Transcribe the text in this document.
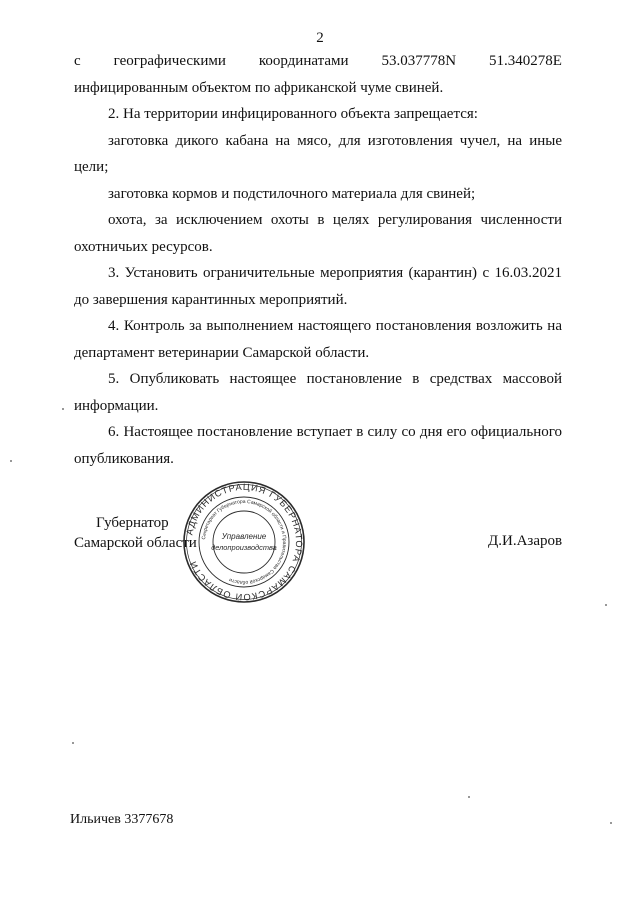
2
с географическими координатами 53.037778N 51.340278E

инфицированным объектом по африканской чуме свиней.

2. На территории инфицированного объекта запрещается:

заготовка дикого кабана на мясо, для изготовления чучел, на иные цели;

заготовка кормов и подстилочного материала для свиней;

охота, за исключением охоты в целях регулирования численности охотничьих ресурсов.

3. Установить ограничительные мероприятия (карантин) с 16.03.2021 до завершения карантинных мероприятий.

4. Контроль за выполнением настоящего постановления возложить на департамент ветеринарии Самарской области.

5. Опубликовать настоящее постановление в средствах массовой информации.

6. Настоящее постановление вступает в силу со дня его официального опубликования.

Губернатор
Самарской области	Д.И.Азаров
АДМИНИСТРАЦИЯ ГУБЕРНАТОРА САМАРСКОЙ ОБЛАСТИ
Секретариат Губернатора Самарской области и Правительства Самарской области
Управление
делопроизводства
Ильичев 3377678
